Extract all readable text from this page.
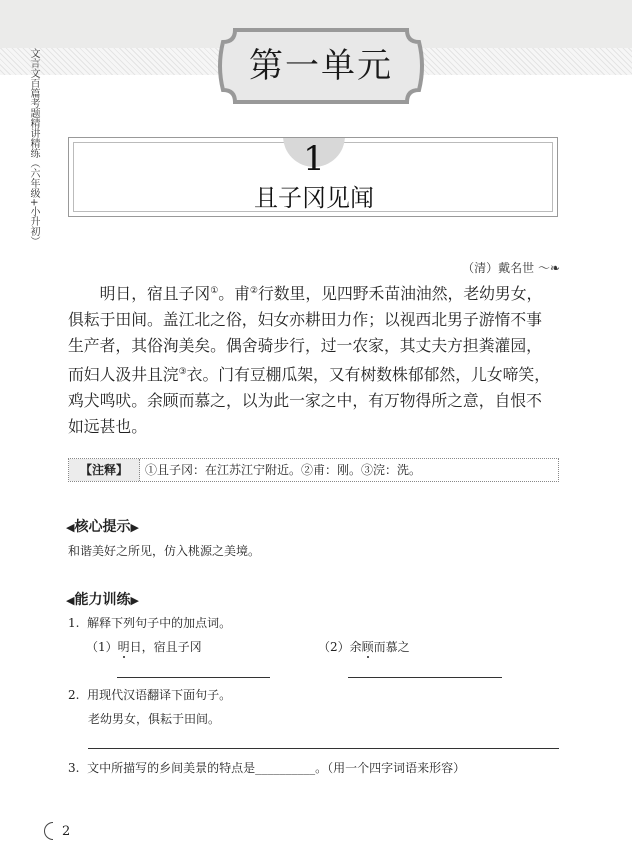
第一单元
文言文百篇考题精讲精练（六年级+小升初）	1
且子冈见闻
（清）戴名世 〜❧
明日，宿且子冈①。甫②行数里，见四野禾苗油油然，老幼男女，
俱耘于田间。盖江北之俗，妇女亦耕田力作；以视西北男子游惰不事
生产者，其俗洵美矣。偶舍骑步行，过一农家，其丈夫方担粪灌园，
而妇人汲井且浣③衣。门有豆棚瓜架，又有树数株郁郁然，儿女啼笑，
鸡犬鸣吠。余顾而慕之，以为此一家之中，有万物得所之意，自恨不
如远甚也。
【注释】	①且子冈：在江苏江宁附近。②甫：刚。③浣：洗。
◀核心提示▶
和谐美好之所见，仿入桃源之美境。
◀能力训练▶
1. 解释下列句子中的加点词。
（1）明日，宿且子冈	（2）余顾而慕之
2. 用现代汉语翻译下面句子。
老幼男女，俱耘于田间。
3. 文中所描写的乡间美景的特点是__________。（用一个四字词语来形容）
2
